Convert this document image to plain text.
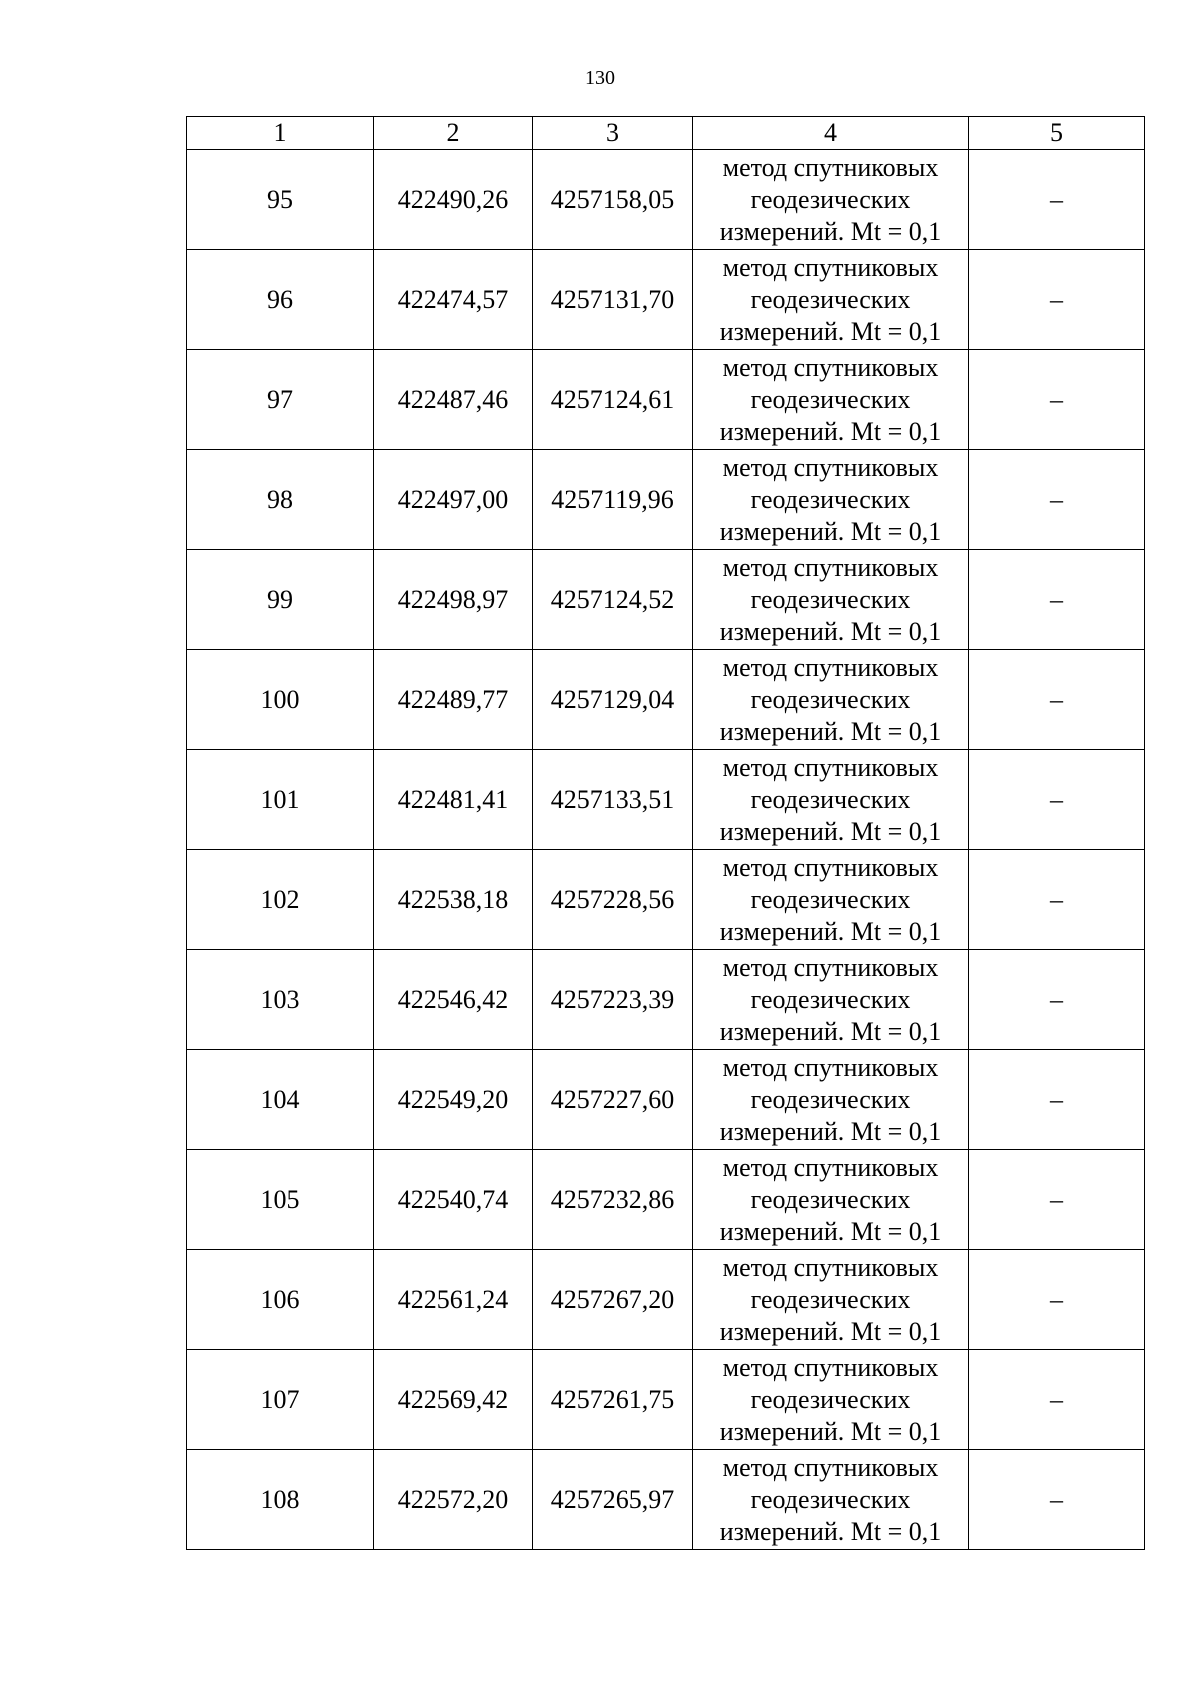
130
1	2	3	4	5
95	422490,26	4257158,05	метод спутниковых
геодезических
измерений. Mt = 0,1	–
96	422474,57	4257131,70	метод спутниковых
геодезических
измерений. Mt = 0,1	–
97	422487,46	4257124,61	метод спутниковых
геодезических
измерений. Mt = 0,1	–
98	422497,00	4257119,96	метод спутниковых
геодезических
измерений. Mt = 0,1	–
99	422498,97	4257124,52	метод спутниковых
геодезических
измерений. Mt = 0,1	–
100	422489,77	4257129,04	метод спутниковых
геодезических
измерений. Mt = 0,1	–
101	422481,41	4257133,51	метод спутниковых
геодезических
измерений. Mt = 0,1	–
102	422538,18	4257228,56	метод спутниковых
геодезических
измерений. Mt = 0,1	–
103	422546,42	4257223,39	метод спутниковых
геодезических
измерений. Mt = 0,1	–
104	422549,20	4257227,60	метод спутниковых
геодезических
измерений. Mt = 0,1	–
105	422540,74	4257232,86	метод спутниковых
геодезических
измерений. Mt = 0,1	–
106	422561,24	4257267,20	метод спутниковых
геодезических
измерений. Mt = 0,1	–
107	422569,42	4257261,75	метод спутниковых
геодезических
измерений. Mt = 0,1	–
108	422572,20	4257265,97	метод спутниковых
геодезических
измерений. Mt = 0,1	–
